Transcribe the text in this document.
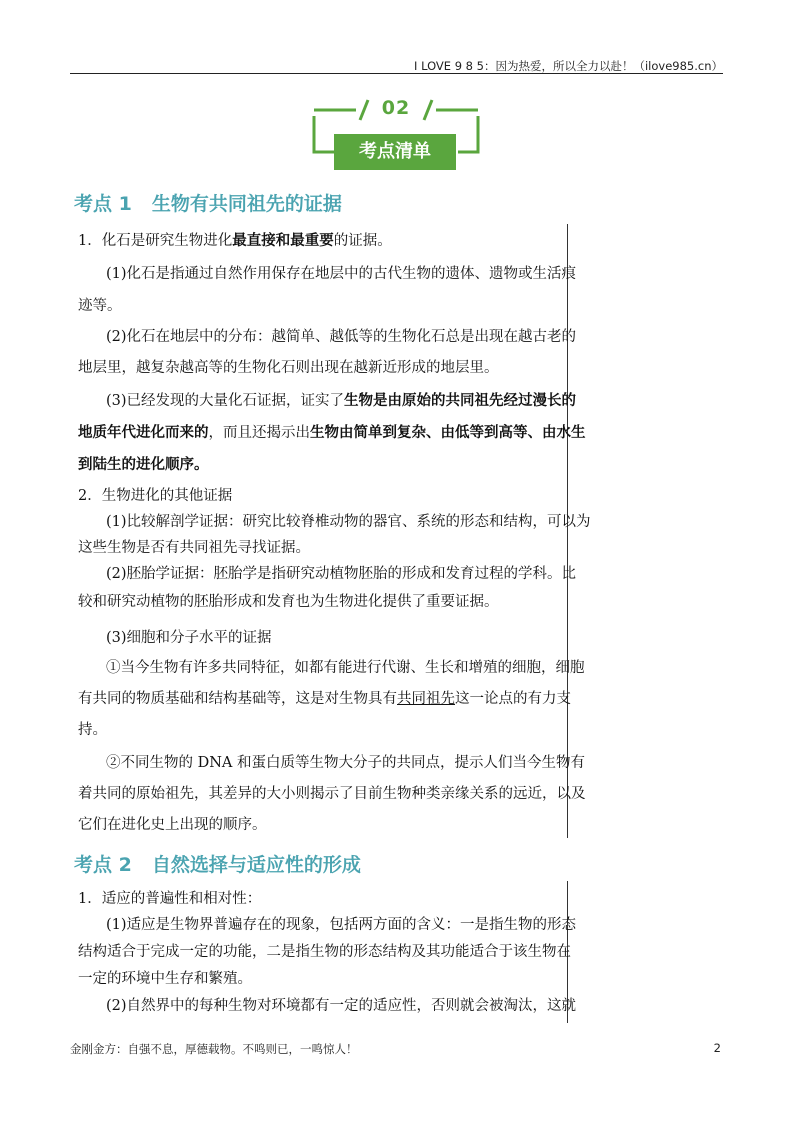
I LOVE 9 8 5：因为热爱，所以全力以赴！（ilove985.cn）
02
考点清单
考点 1 生物有共同祖先的证据
1．化石是研究生物进化最直接和最重要的证据。
(1)化石是指通过自然作用保存在地层中的古代生物的遗体、遗物或生活痕
迹等。
(2)化石在地层中的分布：越简单、越低等的生物化石总是出现在越古老的
地层里，越复杂越高等的生物化石则出现在越新近形成的地层里。
(3)已经发现的大量化石证据，证实了生物是由原始的共同祖先经过漫长的
地质年代进化而来的，而且还揭示出生物由简单到复杂、由低等到高等、由水生
到陆生的进化顺序。
2．生物进化的其他证据
(1)比较解剖学证据：研究比较脊椎动物的器官、系统的形态和结构，可以为
这些生物是否有共同祖先寻找证据。
(2)胚胎学证据：胚胎学是指研究动植物胚胎的形成和发育过程的学科。比
较和研究动植物的胚胎形成和发育也为生物进化提供了重要证据。
(3)细胞和分子水平的证据
①当今生物有许多共同特征，如都有能进行代谢、生长和增殖的细胞，细胞
有共同的物质基础和结构基础等，这是对生物具有共同祖先这一论点的有力支
持。
②不同生物的 DNA 和蛋白质等生物大分子的共同点，提示人们当今生物有
着共同的原始祖先，其差异的大小则揭示了目前生物种类亲缘关系的远近，以及
它们在进化史上出现的顺序。
考点 2 自然选择与适应性的形成
1．适应的普遍性和相对性：
(1)适应是生物界普遍存在的现象，包括两方面的含义：一是指生物的形态
结构适合于完成一定的功能，二是指生物的形态结构及其功能适合于该生物在
一定的环境中生存和繁殖。
(2)自然界中的每种生物对环境都有一定的适应性，否则就会被淘汰，这就
金刚金方：自强不息，厚德载物。不鸣则已，一鸣惊人！	2
